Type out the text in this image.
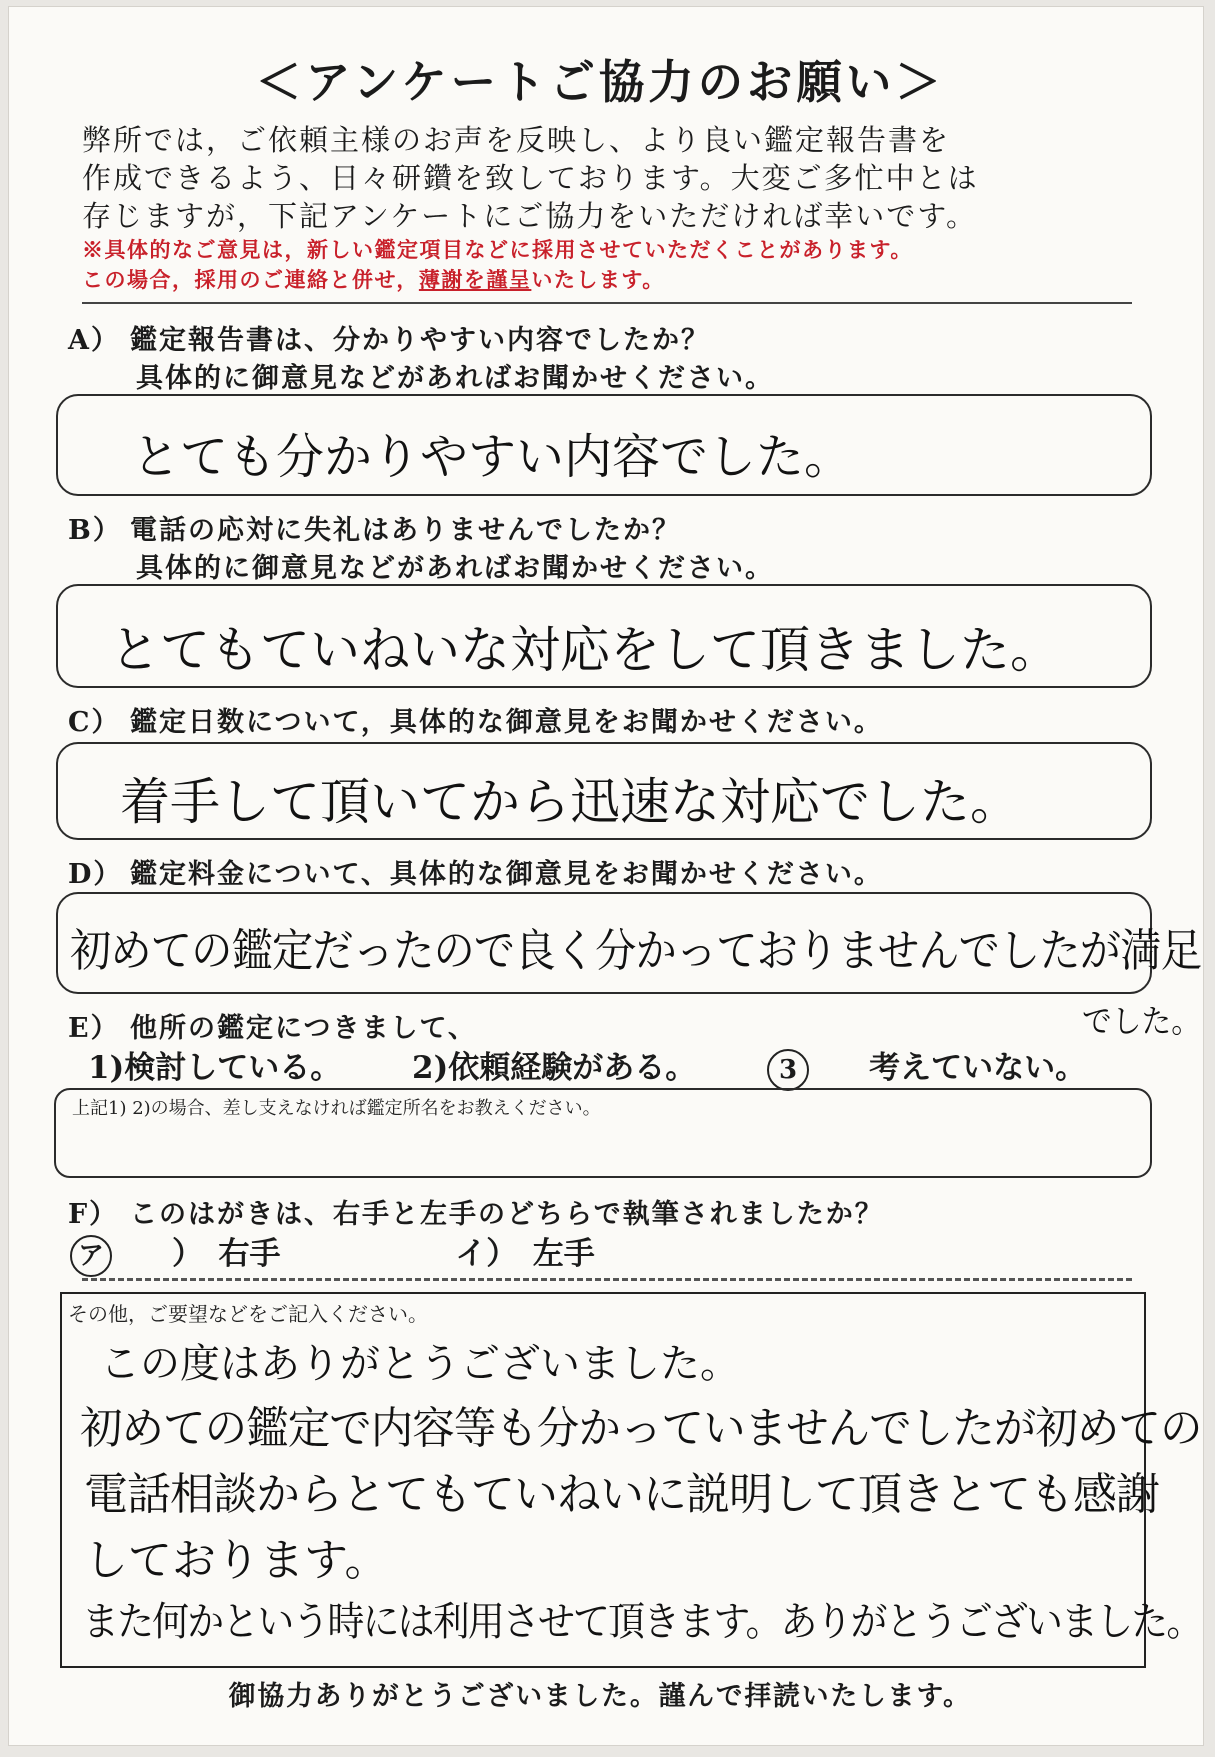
＜アンケートご協力のお願い＞
弊所では，ご依頼主様のお声を反映し、より良い鑑定報告書を
作成できるよう、日々研鑽を致しております。大変ご多忙中とは
存じますが，下記アンケートにご協力をいただければ幸いです。
※具体的なご意見は，新しい鑑定項目などに採用させていただくことがあります。
この場合，採用のご連絡と併せ，薄謝を謹呈いたします。
A） 鑑定報告書は、分かりやすい内容でしたか？
具体的に御意見などがあればお聞かせください。
とても分かりやすい内容でした。
B） 電話の応対に失礼はありませんでしたか？
具体的に御意見などがあればお聞かせください。
とてもていねいな対応をして頂きました。
C） 鑑定日数について，具体的な御意見をお聞かせください。
着手して頂いてから迅速な対応でした。
D） 鑑定料金について、具体的な御意見をお聞かせください。
初めての鑑定だったので良く分かっておりませんでしたが満足
でした。
E） 他所の鑑定につきまして、
1)検討している。 2)依頼経験がある。	3 考えていない。
上記1) 2)の場合、差し支えなければ鑑定所名をお教えください。
F） このはがきは、右手と左手のどちらで執筆されましたか？
ア ）　右手	イ）　左手
その他，ご要望などをご記入ください。
この度はありがとうございました。
初めての鑑定で内容等も分かっていませんでしたが初めての
電話相談からとてもていねいに説明して頂きとても感謝
しております。
また何かという時には利用させて頂きます。ありがとうございました。
御協力ありがとうございました。謹んで拝読いたします。
